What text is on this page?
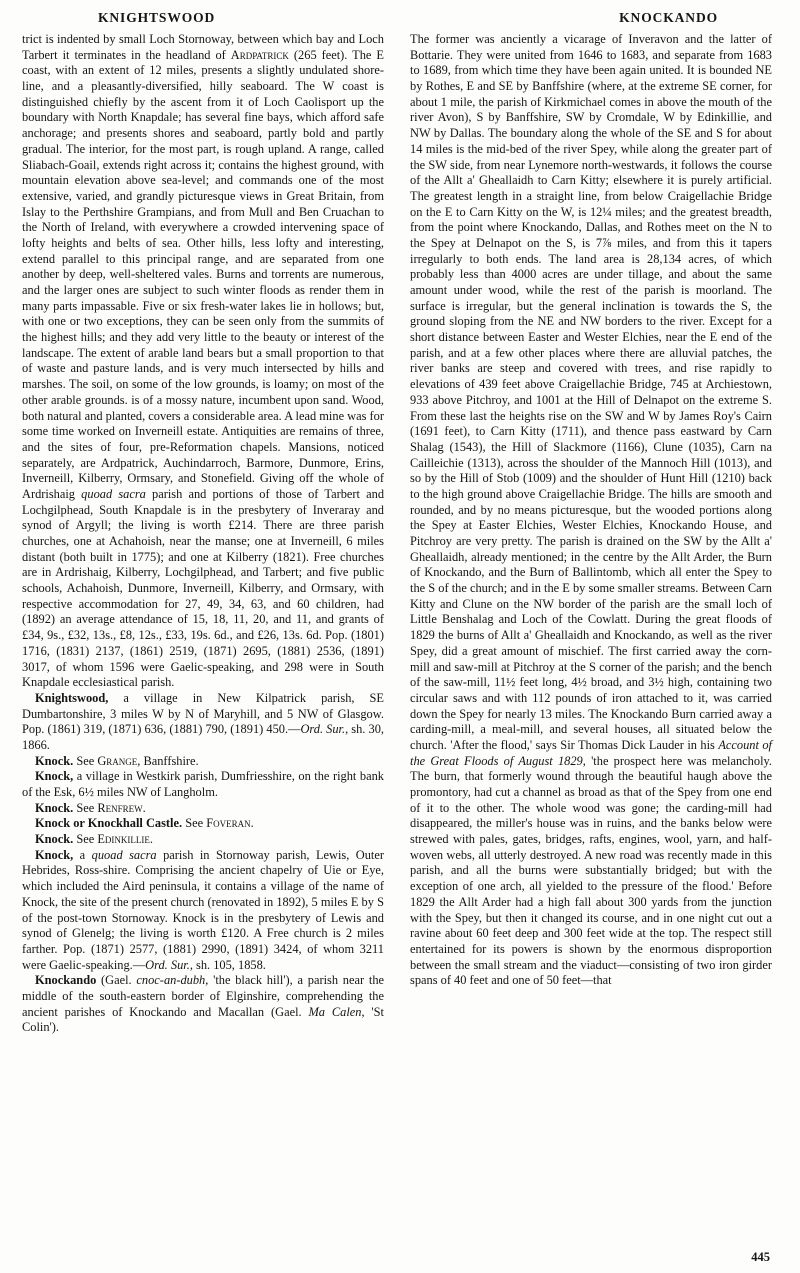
KNIGHTSWOOD	KNOCKANDO

trict is indented by small Loch Stornoway, between which bay and Loch Tarbert it terminates in the headland of Ardpatrick (265 feet). The E coast, with an extent of 12 miles, presents a slightly undulated shore-line, and a pleasantly-diversified, hilly seaboard. The W coast is distinguished chiefly by the ascent from it of Loch Caolisport up the boundary with North Knapdale; has several fine bays, which afford safe anchorage; and presents shores and seaboard, partly bold and partly gradual. The interior, for the most part, is rough upland. A range, called Sliabach-Goail, extends right across it; contains the highest ground, with mountain elevation above sea-level; and commands one of the most extensive, varied, and grandly picturesque views in Great Britain, from Islay to the Perthshire Grampians, and from Mull and Ben Cruachan to the North of Ireland, with everywhere a crowded intervening space of lofty heights and belts of sea. Other hills, less lofty and interesting, extend parallel to this principal range, and are separated from one another by deep, well-sheltered vales. Burns and torrents are numerous, and the larger ones are subject to such winter floods as render them in many parts impassable. Five or six fresh-water lakes lie in hollows; but, with one or two exceptions, they can be seen only from the summits of the highest hills; and they add very little to the beauty or interest of the landscape. The extent of arable land bears but a small proportion to that of waste and pasture lands, and is very much intersected by hills and marshes. The soil, on some of the low grounds, is loamy; on most of the other arable grounds. is of a mossy nature, incumbent upon sand. Wood, both natural and planted, covers a considerable area. A lead mine was for some time worked on Inverneill estate. Antiquities are remains of three, and the sites of four, pre-Reformation chapels. Mansions, noticed separately, are Ardpatrick, Auchindarroch, Barmore, Dunmore, Erins, Inverneill, Kilberry, Ormsary, and Stonefield. Giving off the whole of Ardrishaig quoad sacra parish and portions of those of Tarbert and Lochgilphead, South Knapdale is in the presbytery of Inveraray and synod of Argyll; the living is worth £214. There are three parish churches, one at Achahoish, near the manse; one at Inverneill, 6 miles distant (both built in 1775); and one at Kilberry (1821). Free churches are in Ardrishaig, Kilberry, Lochgilphead, and Tarbert; and five public schools, Achahoish, Dunmore, Inverneill, Kilberry, and Ormsary, with respective accommodation for 27, 49, 34, 63, and 60 children, had (1892) an average attendance of 15, 18, 11, 20, and 11, and grants of £34, 9s., £32, 13s., £8, 12s., £33, 19s. 6d., and £26, 13s. 6d. Pop. (1801) 1716, (1831) 2137, (1861) 2519, (1871) 2695, (1881) 2536, (1891) 3017, of whom 1596 were Gaelic-speaking, and 298 were in South Knapdale ecclesiastical parish.

Knightswood, a village in New Kilpatrick parish, SE Dumbartonshire, 3 miles W by N of Maryhill, and 5 NW of Glasgow. Pop. (1861) 319, (1871) 636, (1881) 790, (1891) 450.—Ord. Sur., sh. 30, 1866.

Knock. See Grange, Banffshire.

Knock, a village in Westkirk parish, Dumfriesshire, on the right bank of the Esk, 6½ miles NW of Langholm.

Knock. See Renfrew.

Knock or Knockhall Castle. See Foveran.

Knock. See Edinkillie.

Knock, a quoad sacra parish in Stornoway parish, Lewis, Outer Hebrides, Ross-shire. Comprising the ancient chapelry of Uie or Eye, which included the Aird peninsula, it contains a village of the name of Knock, the site of the present church (renovated in 1892), 5 miles E by S of the post-town Stornoway. Knock is in the presbytery of Lewis and synod of Glenelg; the living is worth £120. A Free church is 2 miles farther. Pop. (1871) 2577, (1881) 2990, (1891) 3424, of whom 3211 were Gaelic-speaking.—Ord. Sur., sh. 105, 1858.

Knockando (Gael. cnoc-an-dubh, 'the black hill'), a parish near the middle of the south-eastern border of Elginshire, comprehending the ancient parishes of Knockando and Macallan (Gael. Ma Calen, 'St Colin').

The former was anciently a vicarage of Inveravon and the latter of Bottarie. They were united from 1646 to 1683, and separate from 1683 to 1689, from which time they have been again united. It is bounded NE by Rothes, E and SE by Banffshire (where, at the extreme SE corner, for about 1 mile, the parish of Kirkmichael comes in above the mouth of the river Avon), S by Banffshire, SW by Cromdale, W by Edinkillie, and NW by Dallas. The boundary along the whole of the SE and S for about 14 miles is the mid-bed of the river Spey, while along the greater part of the SW side, from near Lynemore north-westwards, it follows the course of the Allt a' Gheallaidh to Carn Kitty; elsewhere it is purely artificial. The greatest length in a straight line, from below Craigellachie Bridge on the E to Carn Kitty on the W, is 12¼ miles; and the greatest breadth, from the point where Knockando, Dallas, and Rothes meet on the N to the Spey at Delnapot on the S, is 7⅞ miles, and from this it tapers irregularly to both ends. The land area is 28,134 acres, of which probably less than 4000 acres are under tillage, and about the same amount under wood, while the rest of the parish is moorland. The surface is irregular, but the general inclination is towards the S, the ground sloping from the NE and NW borders to the river. Except for a short distance between Easter and Wester Elchies, near the E end of the parish, and at a few other places where there are alluvial patches, the river banks are steep and covered with trees, and rise rapidly to elevations of 439 feet above Craigellachie Bridge, 745 at Archiestown, 933 above Pitchroy, and 1001 at the Hill of Delnapot on the extreme S. From these last the heights rise on the SW and W by James Roy's Cairn (1691 feet), to Carn Kitty (1711), and thence pass eastward by Carn Shalag (1543), the Hill of Slackmore (1166), Clune (1035), Carn na Cailleichie (1313), across the shoulder of the Mannoch Hill (1013), and so by the Hill of Stob (1009) and the shoulder of Hunt Hill (1210) back to the high ground above Craigellachie Bridge. The hills are smooth and rounded, and by no means picturesque, but the wooded portions along the Spey at Easter Elchies, Wester Elchies, Knockando House, and Pitchroy are very pretty. The parish is drained on the SW by the Allt a' Gheallaidh, already mentioned; in the centre by the Allt Arder, the Burn of Knockando, and the Burn of Ballintomb, which all enter the Spey to the S of the church; and in the E by some smaller streams. Between Carn Kitty and Clune on the NW border of the parish are the small loch of Little Benshalag and Loch of the Cowlatt. During the great floods of 1829 the burns of Allt a' Gheallaidh and Knockando, as well as the river Spey, did a great amount of mischief. The first carried away the corn-mill and saw-mill at Pitchroy at the S corner of the parish; and the bench of the saw-mill, 11½ feet long, 4½ broad, and 3½ high, containing two circular saws and with 112 pounds of iron attached to it, was carried down the Spey for nearly 13 miles. The Knockando Burn carried away a carding-mill, a meal-mill, and several houses, all situated below the church. 'After the flood,' says Sir Thomas Dick Lauder in his Account of the Great Floods of August 1829, 'the prospect here was melancholy. The burn, that formerly wound through the beautiful haugh above the promontory, had cut a channel as broad as that of the Spey from one end of it to the other. The whole wood was gone; the carding-mill had disappeared, the miller's house was in ruins, and the banks below were strewed with pales, gates, bridges, rafts, engines, wool, yarn, and half-woven webs, all utterly destroyed. A new road was recently made in this parish, and all the burns were substantially bridged; but with the exception of one arch, all yielded to the pressure of the flood.' Before 1829 the Allt Arder had a high fall about 300 yards from the junction with the Spey, but then it changed its course, and in one night cut out a ravine about 60 feet deep and 300 feet wide at the top. The respect still entertained for its powers is shown by the enormous disproportion between the small stream and the viaduct—consisting of two iron girder spans of 40 feet and one of 50 feet—that

445
